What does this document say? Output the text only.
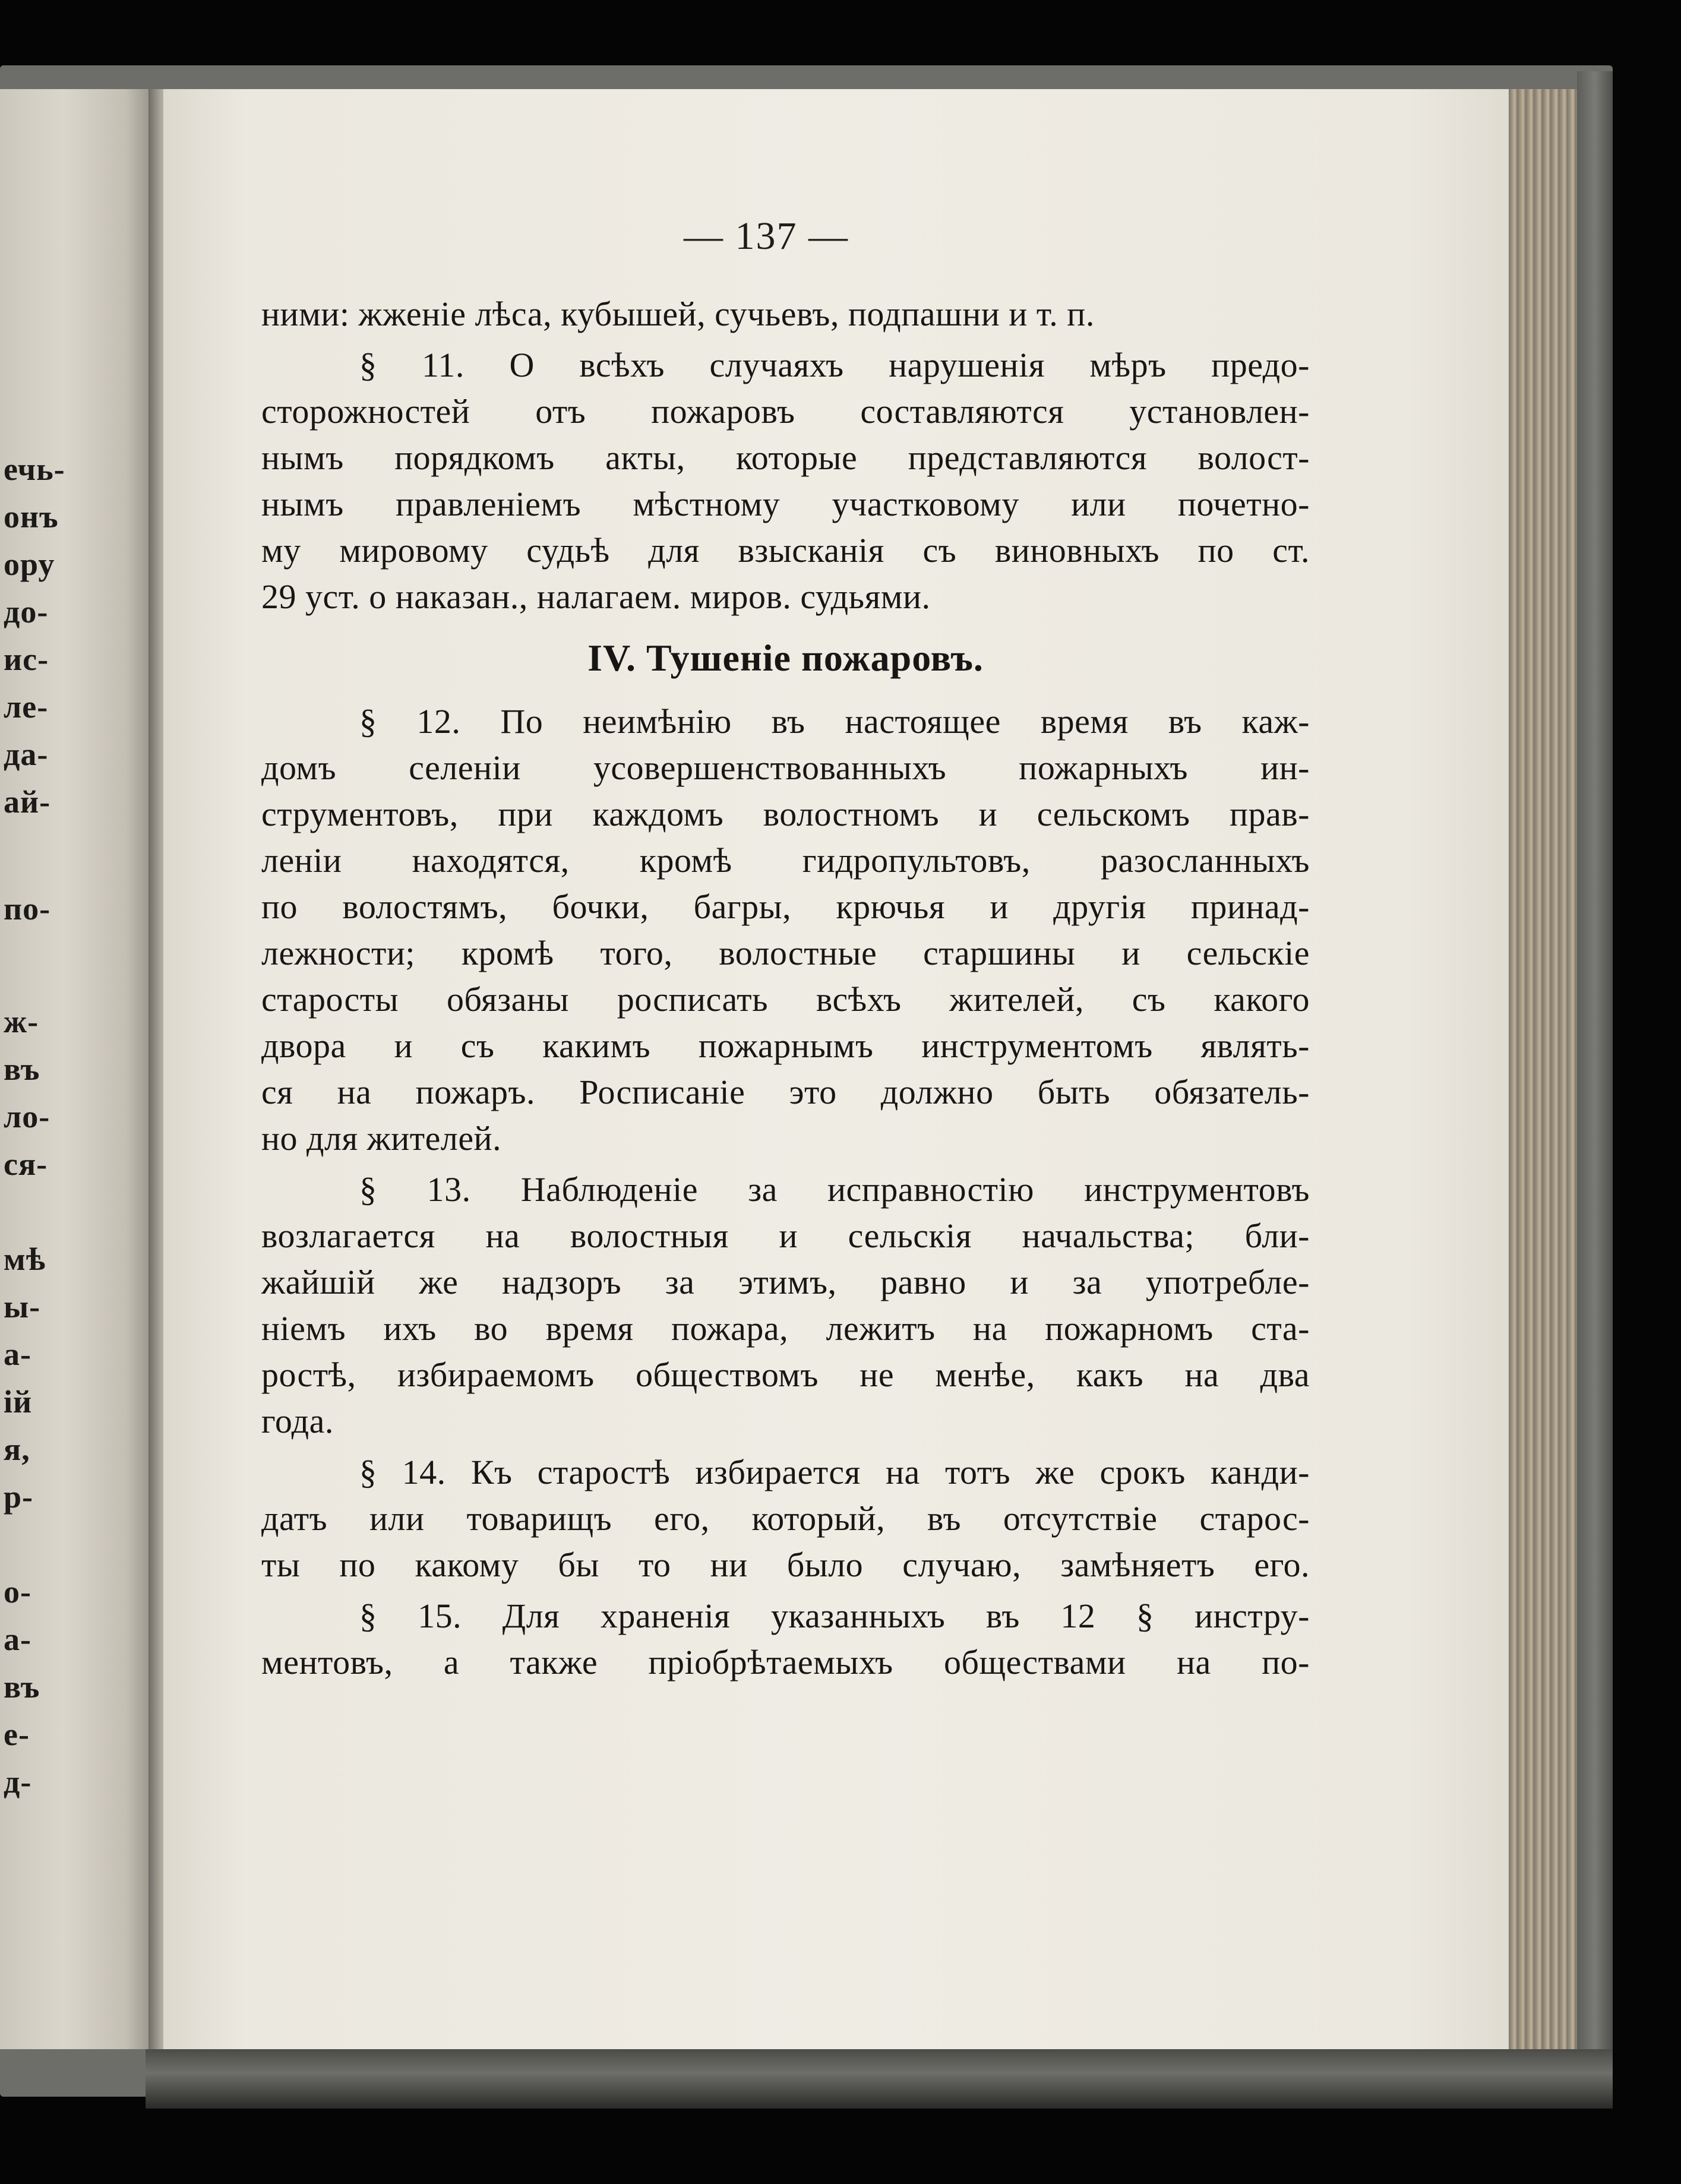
ечь-
онъ
ору
до-
ис-
ле-
да-
ай-
по-
ж-
въ
ло-
ся-
мѣ
ы-
а-
ій
я,
р-
о-
а-
въ
е-
д-
— 137 —
ними: жженіе лѣса, кубышей, сучьевъ, подпашни и т. п.
§ 11. О всѣхъ случаяхъ нарушенія мѣръ предо-
сторожностей отъ пожаровъ составляются установлен-
нымъ порядкомъ акты, которые представляются волост-
нымъ правленіемъ мѣстному участковому или почетно-
му мировому судьѣ для взысканія съ виновныхъ по ст.
29 уст. о наказан., налагаем. миров. судьями.
IV. Тушеніе пожаровъ.
§ 12. По неимѣнію въ настоящее время въ каж-
домъ селеніи усовершенствованныхъ пожарныхъ ин-
струментовъ, при каждомъ волостномъ и сельскомъ прав-
леніи находятся, кромѣ гидропультовъ, разосланныхъ
по волостямъ, бочки, багры, крючья и другія принад-
лежности; кромѣ того, волостные старшины и сельскіе
старосты обязаны росписать всѣхъ жителей, съ какого
двора и съ какимъ пожарнымъ инструментомъ являть-
ся на пожаръ. Росписаніе это должно быть обязатель-
но для жителей.
§ 13. Наблюденіе за исправностію инструментовъ
возлагается на волостныя и сельскія начальства; бли-
жайшій же надзоръ за этимъ, равно и за употребле-
ніемъ ихъ во время пожара, лежитъ на пожарномъ ста-
ростѣ, избираемомъ обществомъ не менѣе, какъ на два
года.
§ 14. Къ старостѣ избирается на тотъ же срокъ канди-
датъ или товарищъ его, который, въ отсутствіе старос-
ты по какому бы то ни было случаю, замѣняетъ его.
§ 15. Для храненія указанныхъ въ 12 § инстру-
ментовъ, а также пріобрѣтаемыхъ обществами на по-
